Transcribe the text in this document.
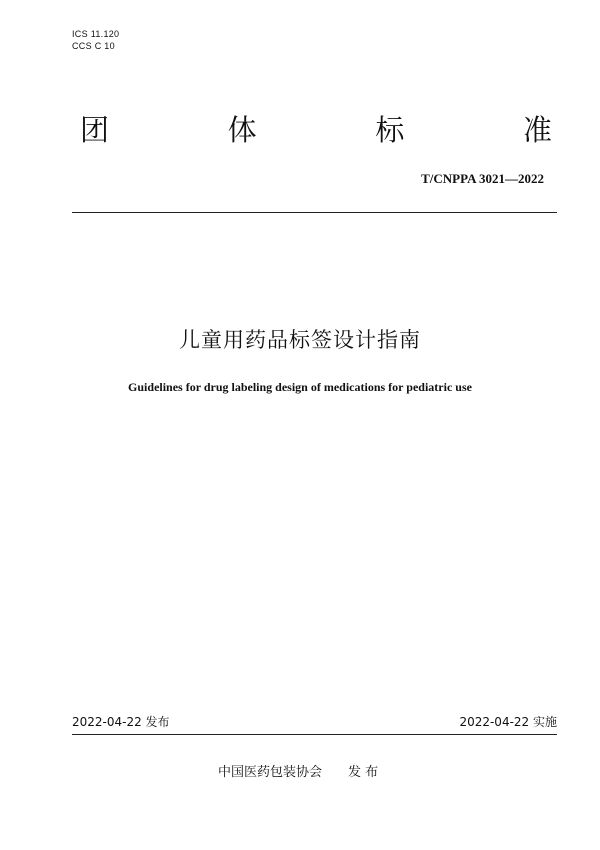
ICS 11.120
CCS C 10
团	体	标	准
T/CNPPA 3021—2022
儿童用药品标签设计指南
Guidelines for drug labeling design of medications for pediatric use
2022-04-22 发布	2022-04-22 实施
中国医药包装协会 发 布
